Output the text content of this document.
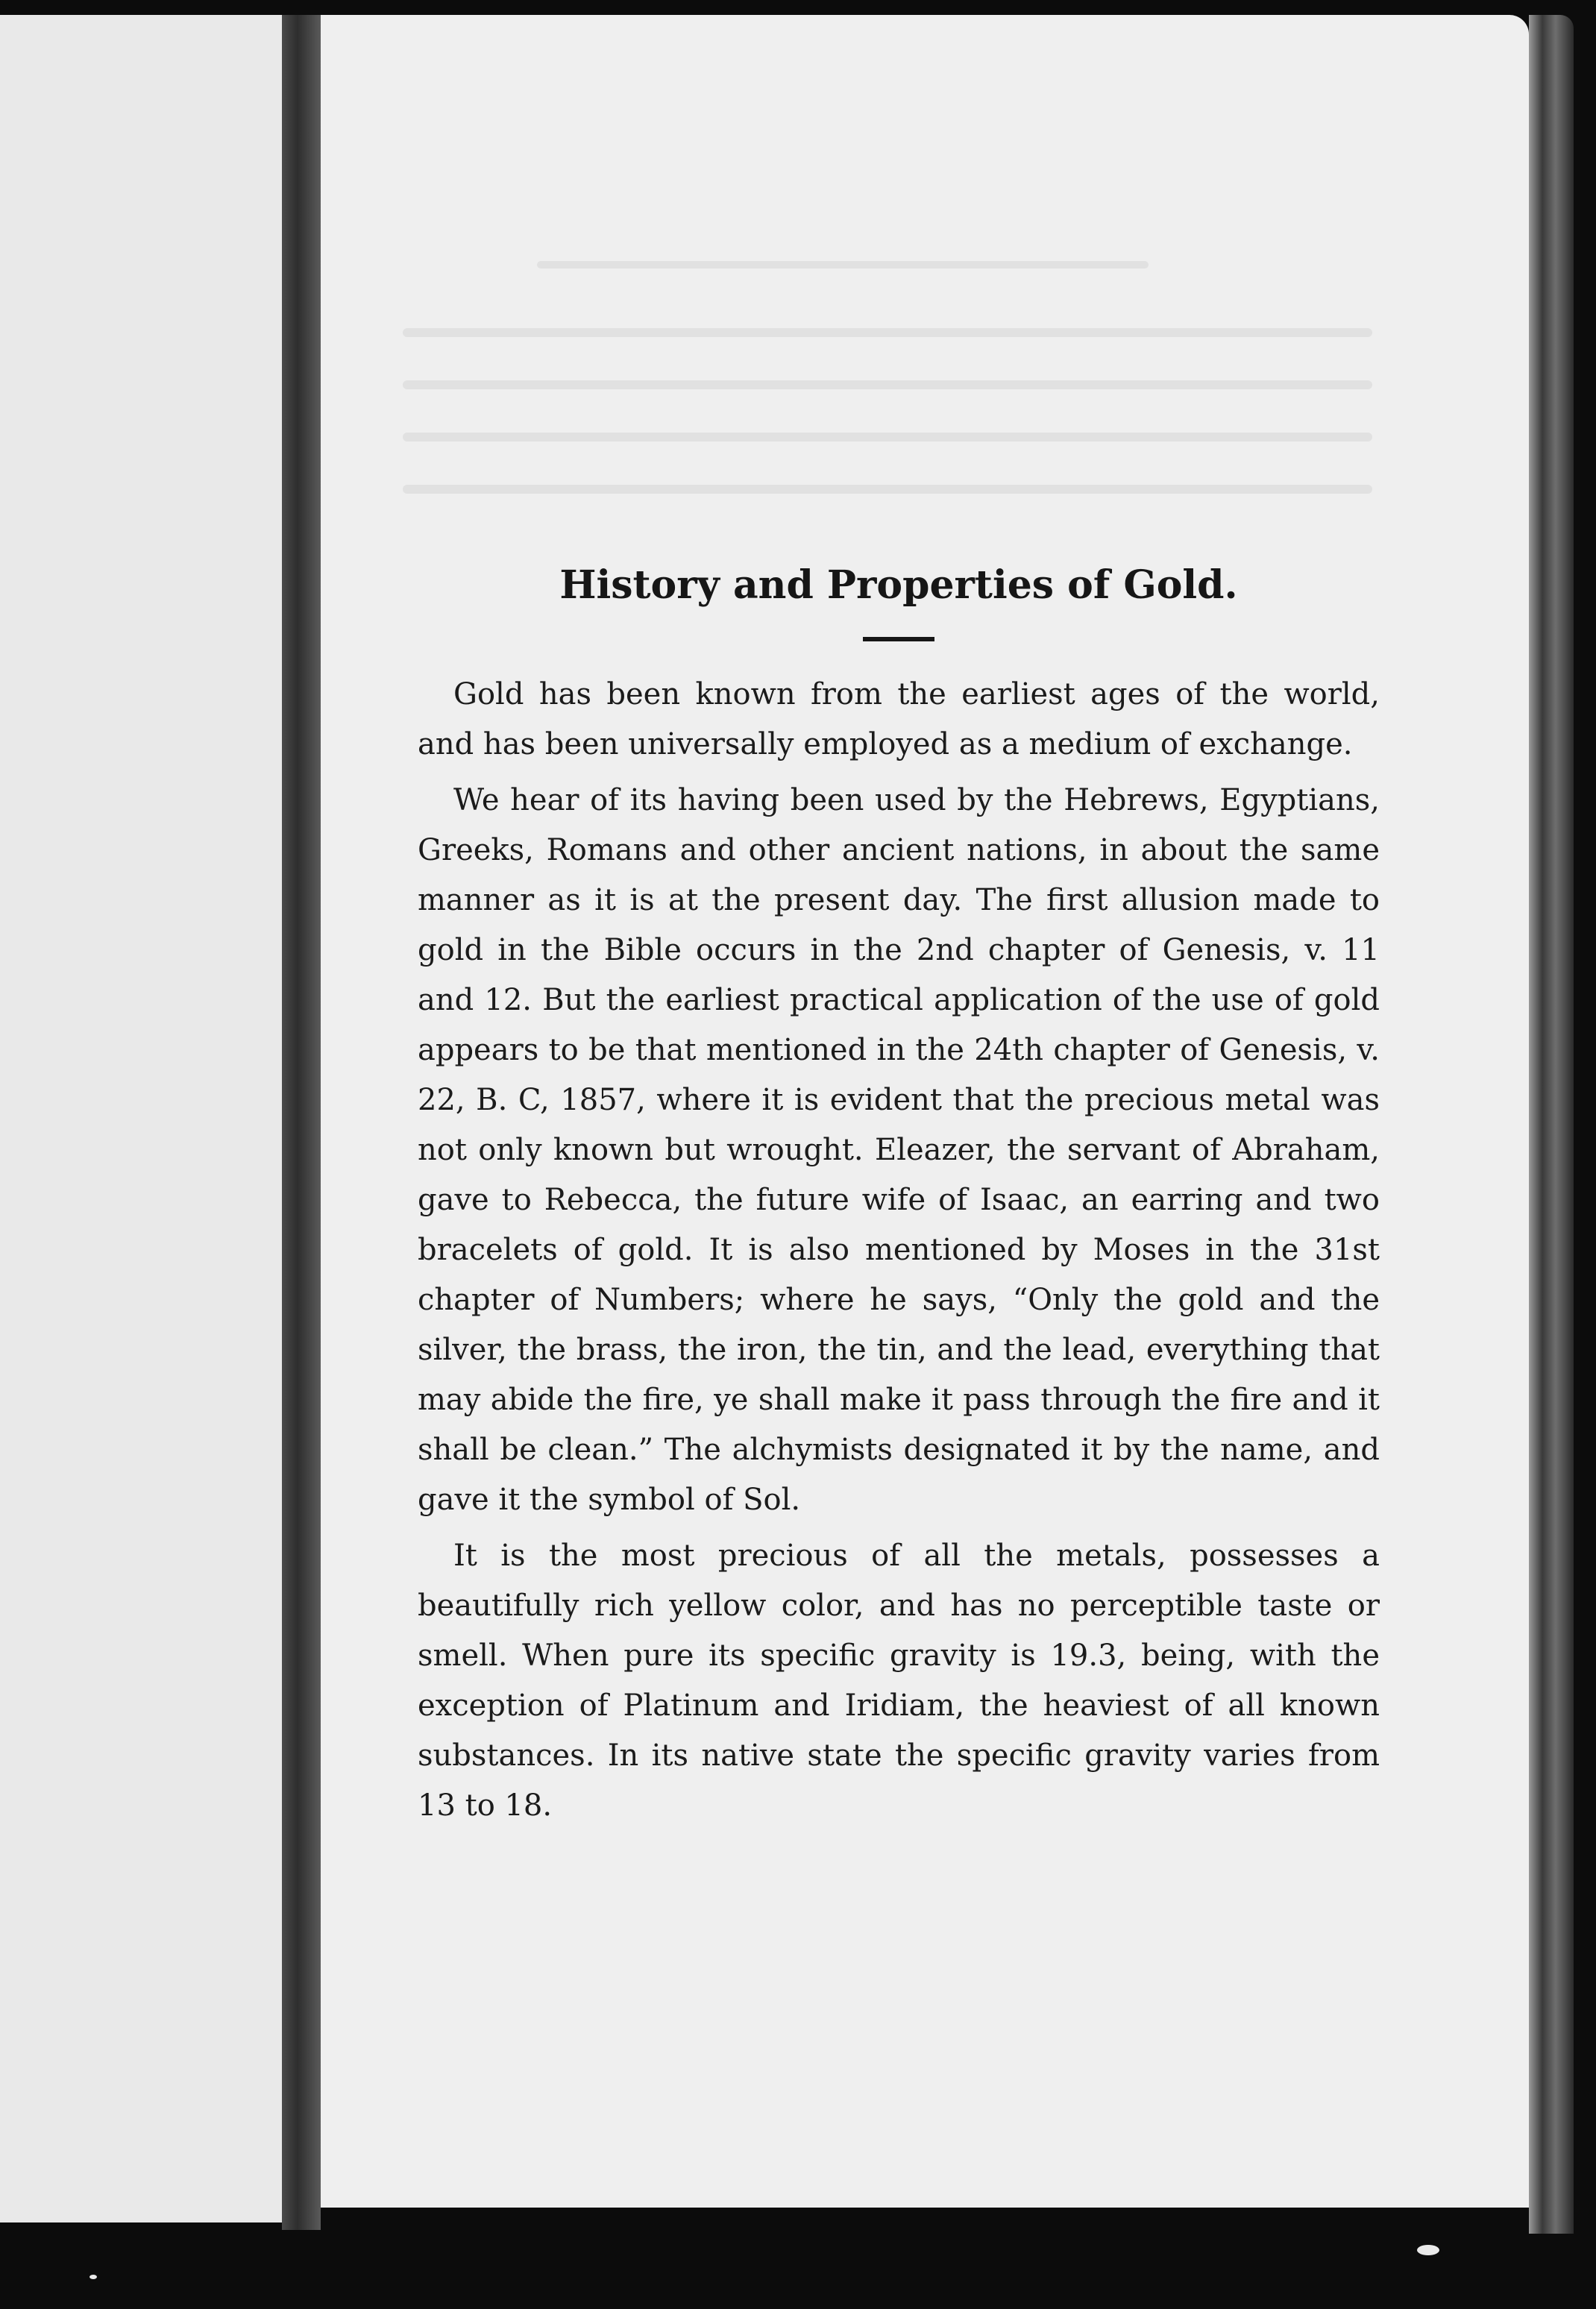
History and Properties of Gold.

Gold has been known from the earliest ages of the world, and has been universally employed as a medium of exchange.

We hear of its having been used by the Hebrews, Egyptians, Greeks, Romans and other ancient nations, in about the same manner as it is at the present day. The first allusion made to gold in the Bible occurs in the 2nd chapter of Genesis, v. 11 and 12. But the earliest practical application of the use of gold appears to be that mentioned in the 24th chapter of Genesis, v. 22, B. C, 1857, where it is evident that the precious metal was not only known but wrought. Eleazer, the servant of Abraham, gave to Rebecca, the future wife of Isaac, an earring and two bracelets of gold. It is also mentioned by Moses in the 31st chapter of Numbers; where he says, “Only the gold and the silver, the brass, the iron, the tin, and the lead, everything that may abide the fire, ye shall make it pass through the fire and it shall be clean.” The alchymists designated it by the name, and gave it the symbol of Sol.

It is the most precious of all the metals, possesses a beautifully rich yellow color, and has no perceptible taste or smell. When pure its specific gravity is 19.3, being, with the exception of Platinum and Iridiam, the heaviest of all known substances. In its native state the specific gravity varies from 13 to 18.
